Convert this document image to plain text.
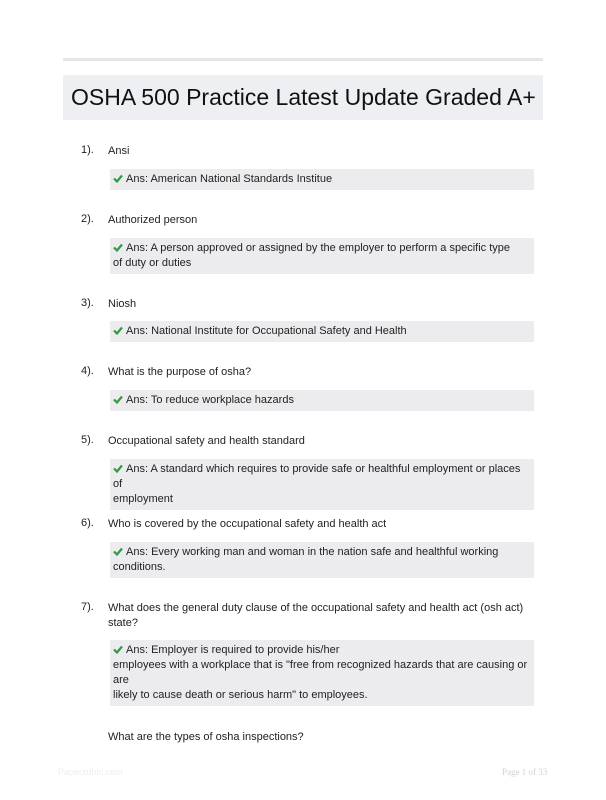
OSHA 500 Practice Latest Update Graded A+
1). Ansi
Ans: American National Standards Institue
2). Authorized person
Ans: A person approved or assigned by the employer to perform a specific type
of duty or duties
3). Niosh
Ans: National Institute for Occupational Safety and Health
4). What is the purpose of osha?
Ans: To reduce workplace hazards
5). Occupational safety and health standard
Ans: A standard which requires to provide safe or healthful employment or places of
employment
6). Who is covered by the occupational safety and health act
Ans: Every working man and woman in the nation safe and healthful working
conditions.
7). What does the general duty clause of the occupational safety and health act (osh act)
state?
Ans: Employer is required to provide his/her
employees with a workplace that is "free from recognized hazards that are causing or
are
likely to cause death or serious harm" to employees.
What are the types of osha inspections?
Paperzdhlc.com	Page 1 of 33
